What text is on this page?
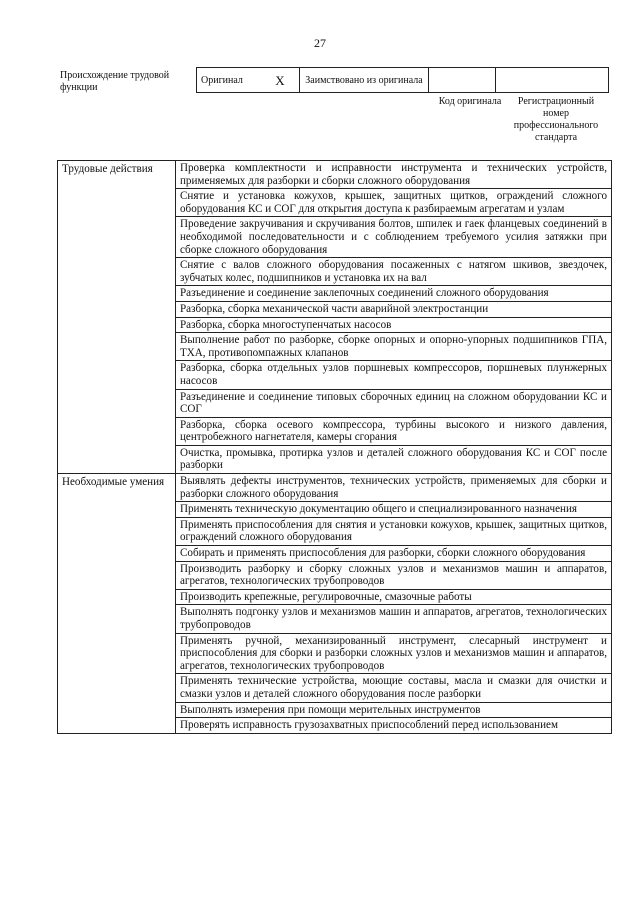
27
Происхождение трудовой функции
Оригинал	X	Заимствовано из оригинала		
Код оригинала	Регистрационный номер профессионального стандарта
Трудовые действия	Проверка комплектности и исправности инструмента и технических устройств, применяемых для разборки и сборки сложного оборудования
	Снятие и установка кожухов, крышек, защитных щитков, ограждений сложного оборудования КС и СОГ для открытия доступа к разбираемым агрегатам и узлам
	Проведение закручивания и скручивания болтов, шпилек и гаек фланцевых соединений в необходимой последовательности и с соблюдением требуемого усилия затяжки при сборке сложного оборудования
	Снятие с валов сложного оборудования посаженных с натягом шкивов, звездочек, зубчатых колес, подшипников и установка их на вал
	Разъединение и соединение заклепочных соединений сложного оборудования
	Разборка, сборка механической части аварийной электростанции
	Разборка, сборка многоступенчатых насосов
	Выполнение работ по разборке, сборке опорных и опорно-упорных подшипников ГПА, ТХА, противопомпажных клапанов
	Разборка, сборка отдельных узлов поршневых компрессоров, поршневых плунжерных насосов
	Разъединение и соединение типовых сборочных единиц на сложном оборудовании КС и СОГ
	Разборка, сборка осевого компрессора, турбины высокого и низкого давления, центробежного нагнетателя, камеры сгорания
	Очистка, промывка, протирка узлов и деталей сложного оборудования КС и СОГ после разборки
Необходимые умения	Выявлять дефекты инструментов, технических устройств, применяемых для сборки и разборки сложного оборудования
	Применять техническую документацию общего и специализированного назначения
	Применять приспособления для снятия и установки кожухов, крышек, защитных щитков, ограждений сложного оборудования
	Собирать и применять приспособления для разборки, сборки сложного оборудования
	Производить разборку и сборку сложных узлов и механизмов машин и аппаратов, агрегатов, технологических трубопроводов
	Производить крепежные, регулировочные, смазочные работы
	Выполнять подгонку узлов и механизмов машин и аппаратов, агрегатов, технологических трубопроводов
	Применять ручной, механизированный инструмент, слесарный инструмент и приспособления для сборки и разборки сложных узлов и механизмов машин и аппаратов, агрегатов, технологических трубопроводов
	Применять технические устройства, моющие составы, масла и смазки для очистки и смазки узлов и деталей сложного оборудования после разборки
	Выполнять измерения при помощи мерительных инструментов
	Проверять исправность грузозахватных приспособлений перед использованием
